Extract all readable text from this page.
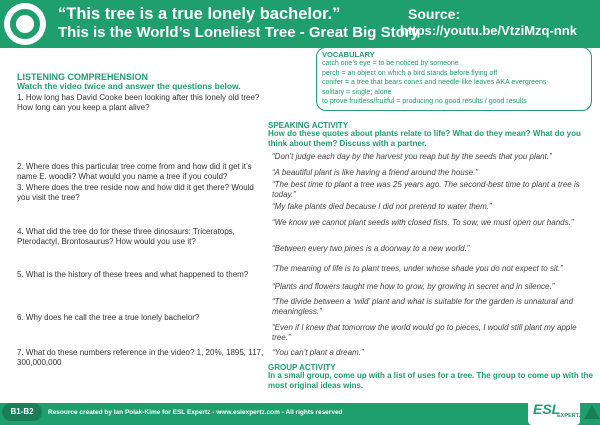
“This tree is a true lonely bachelor.”
This is the World’s Loneliest Tree - Great Big Story
Source:
https://youtu.be/VtziMzq-nnk
VOCABULARY
catch one’s eye = to be noticed by someone
perch = an object on which a bird stands before flying off
conifer = a tree that bears cones and needle-like leaves AKA evergreens
solitary = single; alone
to prove fruitless/fruitful = producing no good results / good results
LISTENING COMPREHENSION
Watch the video twice and answer the questions below.
1. How long has David Cooke been looking after this lonely old tree? How long can you keep a plant alive?
2. Where does this particular tree come from and how did it get it’s name E. woodii? What would you name a tree if you could?
3. Where does the tree reside now and how did it get there? Would you visit the tree?
4. What did the tree do for these three dinosaurs: Triceratops, Pterodactyl, Brontosaurus? How would you use it?
5. What is the history of these trees and what happened to them?
6. Why does he call the tree a true lonely bachelor?
7. What do these numbers reference in the video? 1, 20%, 1895, 117, 300,000,000
SPEAKING ACTIVITY
How do these quotes about plants relate to life? What do they mean? What do you think about them? Discuss with a partner.
“Don’t judge each day by the harvest you reap but by the seeds that you plant.”
“A beautiful plant is like having a friend around the house.”
“The best time to plant a tree was 25 years ago. The second-best time to plant a tree is today.”
“My fake plants died because I did not pretend to water them.”
“We know we cannot plant seeds with closed fists. To sow, we must open our hands.”
“Between every two pines is a doorway to a new world.”
“The meaning of life is to plant trees, under whose shade you do not expect to sit.”
“Plants and flowers taught me how to grow, by growing in secret and in silence.”
“The divide between a ‘wild’ plant and what is suitable for the garden is unnatural and meaningless.”
“Even if I knew that tomorrow the world would go to pieces, I would still plant my apple tree.”
“You can’t plant a dream.”
GROUP ACTIVITY
In a small group, come up with a list of uses for a tree. The group to come up with the most original ideas wins.
B1-B2	Resource created by Ian Polak-Kime for ESL Expertz - www.eslexpertz.com - All rights reserved	ESL
EXPERTZ
